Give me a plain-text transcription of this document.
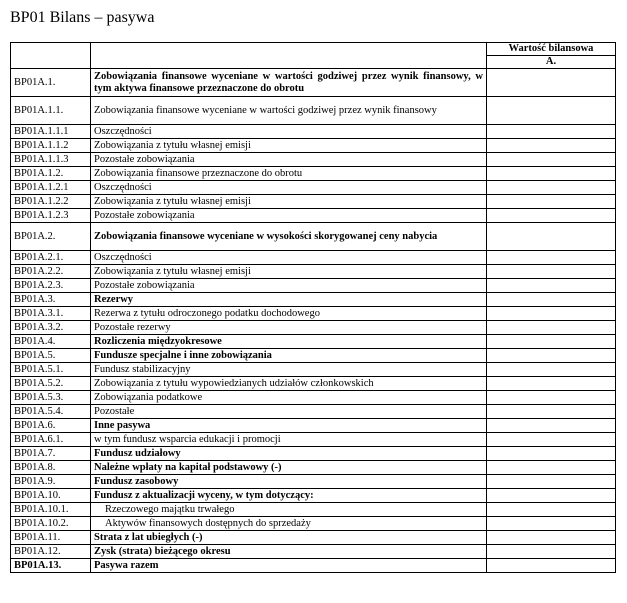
BP01 Bilans – pasywa
		Wartość bilansowa
		A.
BP01A.1.	Zobowiązania finansowe wyceniane w wartości godziwej przez wynik finansowy, w tym aktywa finansowe przeznaczone do obrotu	
BP01A.1.1.	Zobowiązania finansowe wyceniane w wartości godziwej przez wynik finansowy	
BP01A.1.1.1	Oszczędności	
BP01A.1.1.2	Zobowiązania z tytułu własnej emisji	
BP01A.1.1.3	Pozostałe zobowiązania	
BP01A.1.2.	Zobowiązania finansowe przeznaczone do obrotu	
BP01A.1.2.1	Oszczędności	
BP01A.1.2.2	Zobowiązania z tytułu własnej emisji	
BP01A.1.2.3	Pozostałe zobowiązania	
BP01A.2.	Zobowiązania finansowe wyceniane w wysokości skorygowanej ceny nabycia	
BP01A.2.1.	Oszczędności	
BP01A.2.2.	Zobowiązania z tytułu własnej emisji	
BP01A.2.3.	Pozostałe zobowiązania	
BP01A.3.	Rezerwy	
BP01A.3.1.	Rezerwa z tytułu odroczonego podatku dochodowego	
BP01A.3.2.	Pozostałe rezerwy	
BP01A.4.	Rozliczenia międzyokresowe	
BP01A.5.	Fundusze specjalne i inne zobowiązania	
BP01A.5.1.	Fundusz stabilizacyjny	
BP01A.5.2.	Zobowiązania z tytułu wypowiedzianych udziałów członkowskich	
BP01A.5.3.	Zobowiązania podatkowe	
BP01A.5.4.	Pozostałe	
BP01A.6.	Inne pasywa	
BP01A.6.1.	w tym fundusz wsparcia edukacji i promocji	
BP01A.7.	Fundusz udziałowy	
BP01A.8.	Należne wpłaty na kapitał podstawowy (-)	
BP01A.9.	Fundusz zasobowy	
BP01A.10.	Fundusz z aktualizacji wyceny, w tym dotyczący:	
BP01A.10.1.	Rzeczowego majątku trwałego	
BP01A.10.2.	Aktywów finansowych dostępnych do sprzedaży	
BP01A.11.	Strata z lat ubiegłych (-)	
BP01A.12.	Zysk (strata) bieżącego okresu	
BP01A.13.	Pasywa razem	
